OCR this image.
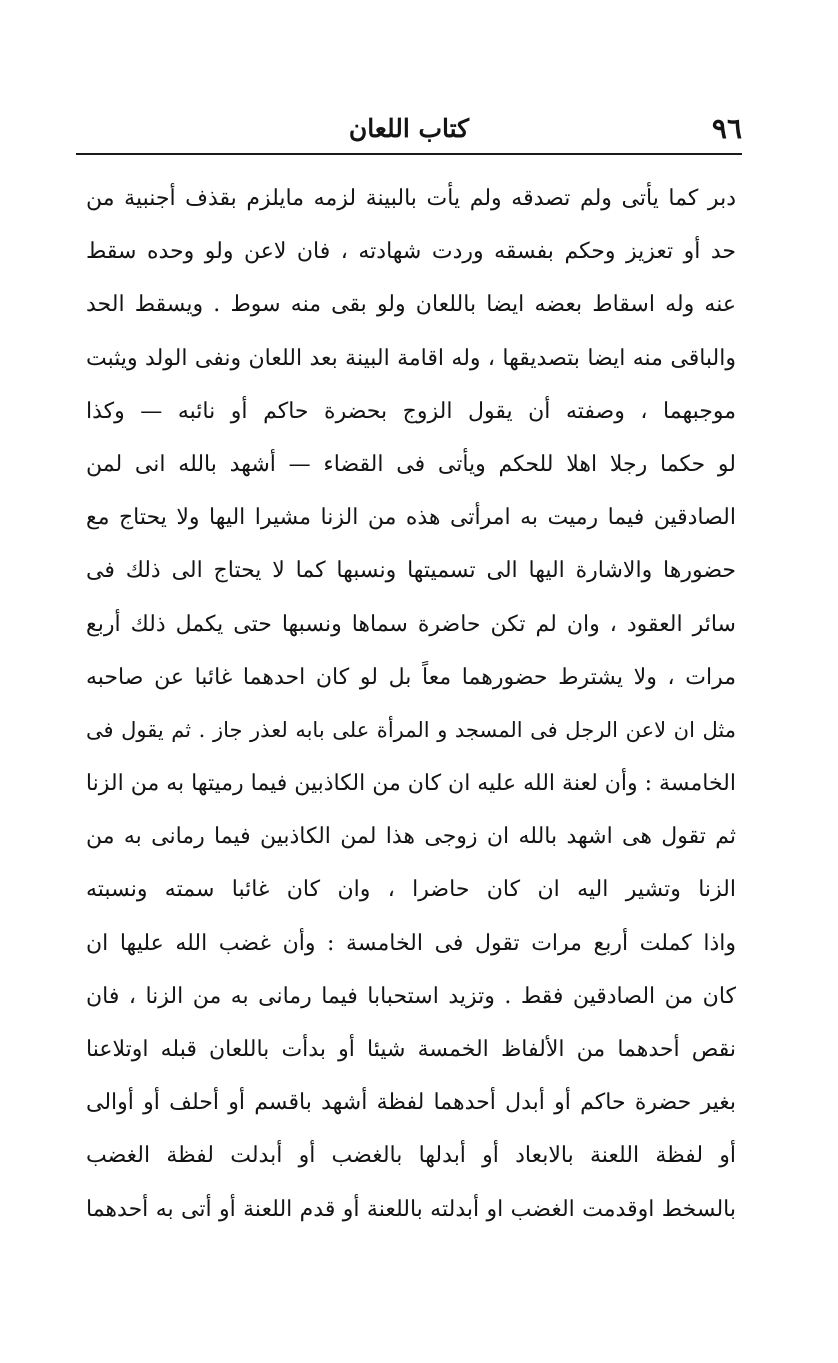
٩٦
كتاب اللعان
دبر كما يأتى ولم تصدقه ولم يأت بالبينة لزمه مايلزم بقذف أجنبية من
حد أو تعزيز وحكم بفسقه وردت شهادته ، فان لاعن ولو وحده سقط
عنه وله اسقاط بعضه ايضا باللعان ولو بقى منه سوط . ويسقط الحد
والباقى منه ايضا بتصديقها ، وله اقامة البينة بعد اللعان ونفى الولد ويثبت
موجبهما ، وصفته أن يقول الزوج بحضرة حاكم أو نائبه — وكذا
لو حكما رجلا اهلا للحكم ويأتى فى القضاء — أشهد بالله انى لمن
الصادقين فيما رميت به امرأتى هذه من الزنا مشيرا اليها ولا يحتاج مع
حضورها والاشارة اليها الى تسميتها ونسبها كما لا يحتاج الى ذلك فى
سائر العقود ، وان لم تكن حاضرة سماها ونسبها حتى يكمل ذلك أربع
مرات ، ولا يشترط حضورهما معاً بل لو كان احدهما غائبا عن صاحبه
مثل ان لاعن الرجل فى المسجد و المرأة على بابه لعذر جاز . ثم يقول فى
الخامسة : وأن لعنة الله عليه ان كان من الكاذبين فيما رميتها به من الزنا
ثم تقول هى اشهد بالله ان زوجى هذا لمن الكاذبين فيما رمانى به من
الزنا وتشير اليه ان كان حاضرا ، وان كان غائبا سمته ونسبته
واذا كملت أربع مرات تقول فى الخامسة : وأن غضب الله عليها ان
كان من الصادقين فقط . وتزيد استحبابا فيما رمانى به من الزنا ، فان
نقص أحدهما من الألفاظ الخمسة شيئا أو بدأت باللعان قبله اوتلاعنا
بغير حضرة حاكم أو أبدل أحدهما لفظة أشهد باقسم أو أحلف أو أوالى
أو لفظة اللعنة بالابعاد أو أبدلها بالغضب أو أبدلت لفظة الغضب
بالسخط اوقدمت الغضب او أبدلته باللعنة أو قدم اللعنة أو أتى به أحدهما
